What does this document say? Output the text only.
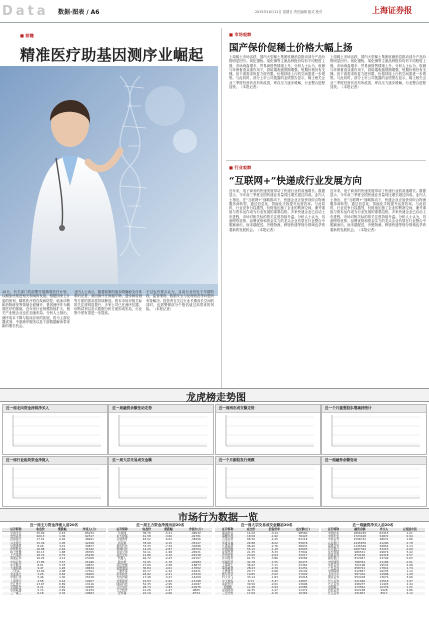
Data 数据·图表 / A6	2015年10月11日 星期日 责任编辑 版式 校对	上海证券报
■ 前瞻
精准医疗助基因测序业崛起
10月，有关部门将部署开展精准医疗计划，以期加快推进相关领域的发展。根据国家卫计委的规划，精准医疗将在疾病防控、临床诊断和药物研发等领域全面铺开。基因测序作为精准医疗的基础，近年来行业规模持续扩大，相关产业链企业也在加速布局。分析人士指出，测序成本下降与临床应用的拓展，将为上游仪器试剂、中游测序服务以及下游数据解读带来新的增长机会。
业内人士表示，随着政策的逐步明确和支付体系的完善，基因测序在肿瘤早筛、遗传病检测等方面的需求将持续释放。资本市场对相关标的关注度明显提升，多家公司已在测序仪器、诊断试剂以及大数据分析方面形成布局，行业集中度有望进一步提高。
不过也有观点认为，目前行业仍处于早期阶段，监管细则、数据安全与伦理规范等问题仍有待解决。投资者在关注行业长期成长空间的同时，也需警惕部分个股估值过高带来的风险。（本报记者）
■ 市场观察
国产保价促稀土价格大幅上扬
上周稀土市场活跃，国内大型稀土集团收储消息推动部分产品价格明显回升。氧化镨钕、氧化镝等主流品种报价均有不同程度上涨，市场询盘增多，贸易商惜售情绪上升。分析人士认为，收储与环保督查双重作用下，供给端收缩预期增强，短期价格仍有支撑。但下游需求恢复力度有限，价格持续上行的空间需进一步观察。与此同时，部分上市公司披露的业绩预告显示，稀土相关企业三季度经营状况有所改善，库存压力逐步缓解，行业整合进程加快。（本报记者）
上周稀土市场活跃，国内大型稀土集团收储消息推动部分产品价格明显回升。氧化镨钕、氧化镝等主流品种报价均有不同程度上涨，市场询盘增多，贸易商惜售情绪上升。分析人士认为，收储与环保督查双重作用下，供给端收缩预期增强，短期价格仍有支撑。但下游需求恢复力度有限，价格持续上行的空间需进一步观察。与此同时，部分上市公司披露的业绩预告显示，稀土相关企业三季度经营状况有所改善，库存压力逐步缓解，行业整合进程加快。（本报记者）
■ 行业观察
“互联网+”快递成行业发展方向
近年来，电子商务的快速发展带动了快递行业的高速增长。数据显示，今年前三季度全国快递业务量同比增长超过四成。业内人士指出，在“互联网+”战略推动下，快递企业正加快向综合物流服务商转型，通过信息化、智能化手段提升运营效率。与此同时，行业竞争日趋激烈，价格战压缩了企业的利润空间，兼并重组与资本运作成为行业发展的重要趋势。多家快递企业已启动上市进程，市场对相关标的的关注度持续升温。分析人士认为，具备网络优势、品牌优势和资金实力的龙头企业有望在行业整合中脱颖而出，而末端配送、冷链物流、跨境快递等细分领域也孕育着新的发展机会。（本报记者）
近年来，电子商务的快速发展带动了快递行业的高速增长。数据显示，今年前三季度全国快递业务量同比增长超过四成。业内人士指出，在“互联网+”战略推动下，快递企业正加快向综合物流服务商转型，通过信息化、智能化手段提升运营效率。与此同时，行业竞争日趋激烈，价格战压缩了企业的利润空间，兼并重组与资本运作成为行业发展的重要趋势。多家快递企业已启动上市进程，市场对相关标的的关注度持续升温。分析人士认为，具备网络优势、品牌优势和资金实力的龙头企业有望在行业整合中脱颖而出，而末端配送、冷链物流、跨境快递等细分领域也孕育着新的发展机会。（本报记者）
龙虎榜走势图
近一周北向资金持续净买入	近一周融资余额变动走势	近一周两市成交额走势	近一个月重要股东增减持统计
近一周行业板块资金净流入	近一周大宗交易成交金额	近一个月新股发行规模	近一周融券余额变动
市场行为数据一览
近一周主力资金净流入前20名
证券简称	收盘价	涨跌幅	净流入(万)
中国平安	35.69	2.15	85234
贵州茅台	209.3	1.36	62317
招商银行	17.52	0.92	48921
兴业银行	15.36	1.05	42108
中国建筑	8.26	3.21	39877
伊利股份	16.88	2.64	31542
格力电器	20.13	1.88	28765
上汽集团	18.74	0.75	25436
海通证券	16.02	4.12	23108
中信证券	17.85	3.57	21946
东方航空	8.91	5.33	19872
大秦铁路	9.47	1.26	18634
万科A	13.02	2.08	17521
农业银行	3.26	0.62	16409
中国石化	5.46	1.30	15318
工商银行	4.58	0.44	14207
长江电力	13.67	0.89	13116
宝钢股份	6.21	2.81	12025
中国联通	5.74	3.99	11934
三一重工	6.18	2.32	10843
近一周主力资金净流出前20名
证券简称	收盘价	涨跌幅	净流出(万)
乐视网	38.76	-5.21	-48532
东方财富	41.58	-3.66	-42781
全通教育	63.02	-6.02	-38456
同花顺	78.49	-4.15	-35127
暴风科技	72.33	-7.34	-31896
掌趣科技	14.29	-2.87	-28764
华谊兄弟	32.11	-1.98	-26531
蓝色光标	12.86	-3.12	-24318
机器人	46.72	-2.43	-22107
碧水源	31.95	-1.76	-20984
汤臣倍健	27.66	-2.58	-18873
信维通信	30.84	-4.01	-17652
三聚环保	45.17	-1.32	-16431
东华软件	18.92	-2.21	-15320
光线传媒	17.48	-3.47	-14209
华策影视	22.63	-1.64	-13198
网宿科技	52.35	-2.95	-12087
万达信息	28.74	-3.83	-10976
卫宁软件	41.26	-1.27	-9865
安科瑞	24.19	-2.06	-8754
近一周大宗交易成交金额前20名
证券简称	成交价	折溢价率	成交额(万)
康美药业	14.20	-3.14	98560
海螺水泥	18.56	-1.92	76423
云南白药	68.30	-4.25	63118
华夏幸福	24.88	-6.02	55876
长春高新	96.40	-2.76	48931
中国国旅	55.12	-1.18	42603
复星医药	21.35	-5.33	37842
泸州老窖	23.60	-2.04	33217
洋河股份	61.75	-3.86	29584
恒瑞医药	42.18	-1.55	26473
上海莱士	36.92	-7.11	23362
海康威视	28.43	-2.39	21251
大族激光	20.77	-4.68	19140
歌尔声学	19.85	-3.02	17029
科大讯飞	33.14	-1.83	15918
中天城投	6.72	-5.47	14807
鱼跃医疗	30.56	-2.61	13696
金螳螂	11.48	-3.94	12585
东阿阿胶	42.35	-1.27	11474
三安光电	17.09	-4.15	10363
近一周融资净买入前20名
证券简称	融资余额	净买入	占流通市值
中国中车	1856230	62315	1.21
中国平安	1723418	54872	0.94
中信证券	1598732	48631	1.86
兴业银行	1245876	41290	0.78
海通证券	1136549	36854	2.13
民生银行	1087342	33215	0.69
东方财富	986531	29874	3.42
招商证券	874126	26318	2.57
浦发银行	812947	23749	0.63
中国建筑	768354	21186	0.91
华泰证券	702198	19532	2.08
广发证券	658721	17841	1.74
中国联通	612847	16235	1.12
京东方A	587432	14908	1.49
国金证券	553218	13674	3.06
光大证券	521946	12518	1.97
方正证券	498237	11403	2.44
中国重工	473561	10376	1.31
西部证券	452198	9428	2.86
长江证券	431827	8517	2.12
